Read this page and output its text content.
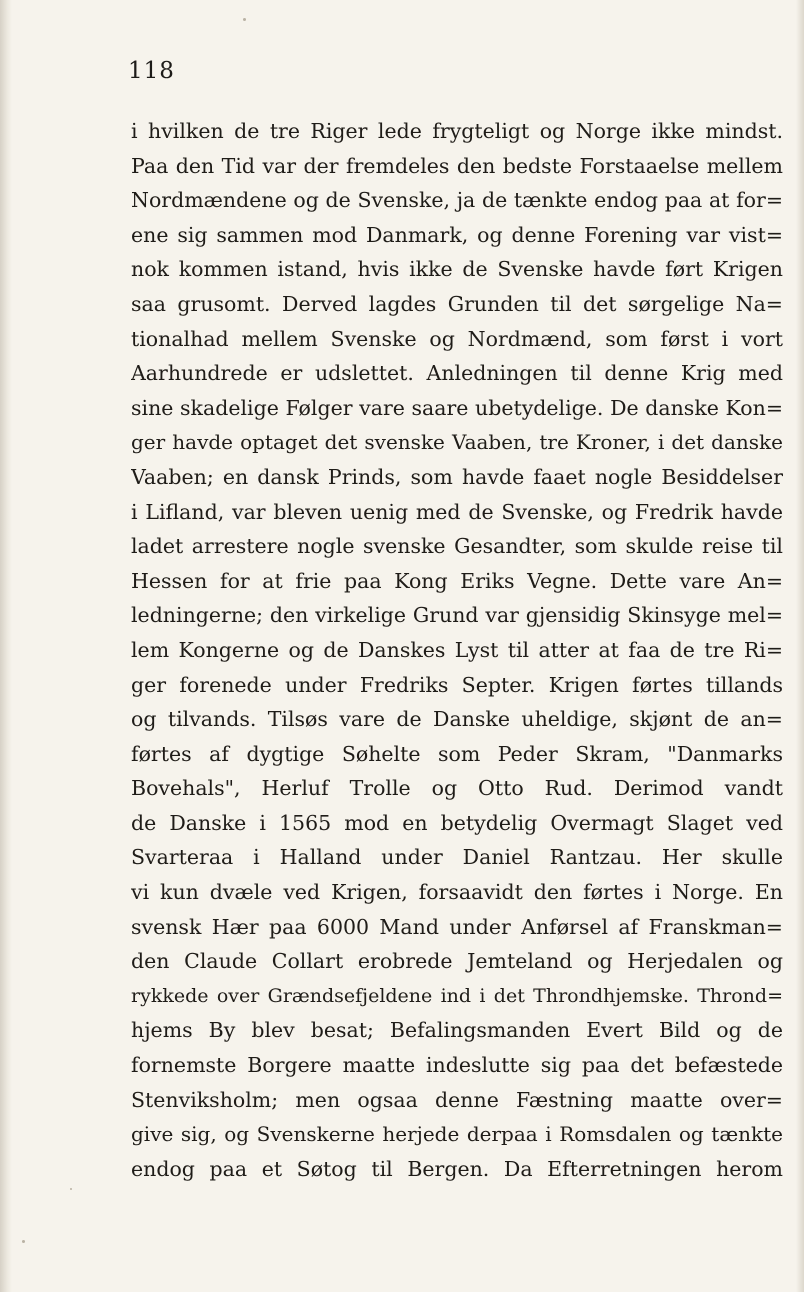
118
i hvilken de tre Riger lede frygteligt og Norge ikke mindst.
Paa den Tid var der fremdeles den bedste Forstaaelse mellem
Nordmændene og de Svenske, ja de tænkte endog paa at for=
ene sig sammen mod Danmark, og denne Forening var vist=
nok kommen istand, hvis ikke de Svenske havde ført Krigen
saa grusomt. Derved lagdes Grunden til det sørgelige Na=
tionalhad mellem Svenske og Nordmænd, som først i vort
Aarhundrede er udslettet. Anledningen til denne Krig med
sine skadelige Følger vare saare ubetydelige. De danske Kon=
ger havde optaget det svenske Vaaben, tre Kroner, i det danske
Vaaben; en dansk Prinds, som havde faaet nogle Besiddelser
i Lifland, var bleven uenig med de Svenske, og Fredrik havde
ladet arrestere nogle svenske Gesandter, som skulde reise til
Hessen for at frie paa Kong Eriks Vegne. Dette vare An=
ledningerne; den virkelige Grund var gjensidig Skinsyge mel=
lem Kongerne og de Danskes Lyst til atter at faa de tre Ri=
ger forenede under Fredriks Septer. Krigen førtes tillands
og tilvands. Tilsøs vare de Danske uheldige, skjønt de an=
førtes af dygtige Søhelte som Peder Skram, "Danmarks
Bovehals", Herluf Trolle og Otto Rud. Derimod vandt
de Danske i 1565 mod en betydelig Overmagt Slaget ved
Svarteraa i Halland under Daniel Rantzau. Her skulle
vi kun dvæle ved Krigen, forsaavidt den førtes i Norge. En
svensk Hær paa 6000 Mand under Anførsel af Franskman=
den Claude Collart erobrede Jemteland og Herjedalen og
rykkede over Grændsefjeldene ind i det Throndhjemske. Thrond=
hjems By blev besat; Befalingsmanden Evert Bild og de
fornemste Borgere maatte indeslutte sig paa det befæstede
Stenviksholm; men ogsaa denne Fæstning maatte over=
give sig, og Svenskerne herjede derpaa i Romsdalen og tænkte
endog paa et Søtog til Bergen. Da Efterretningen herom
